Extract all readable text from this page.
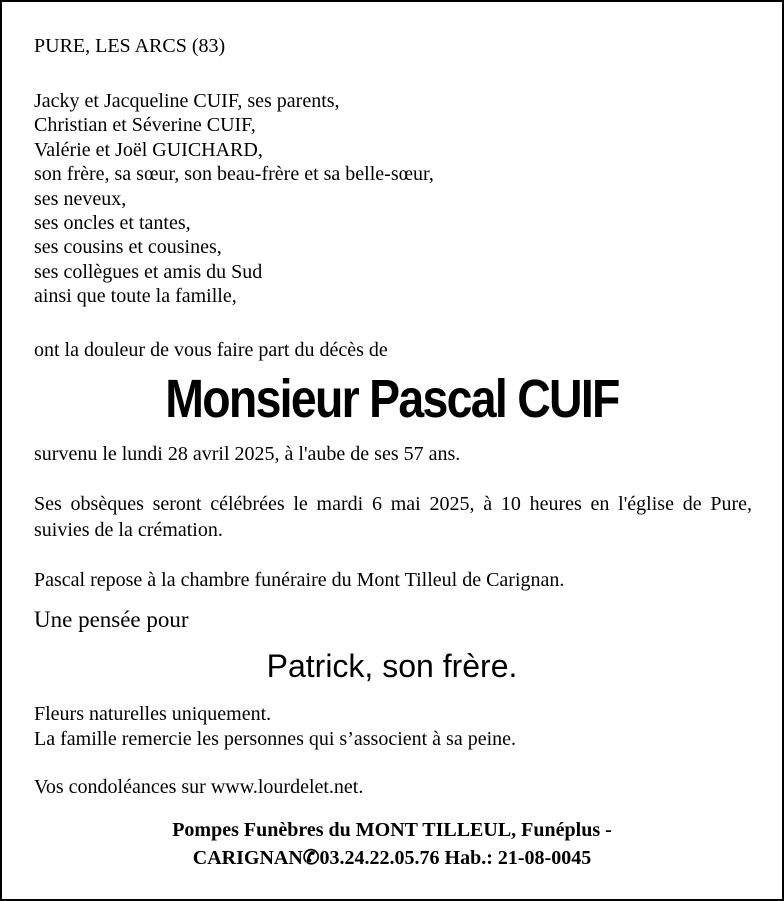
PURE, LES ARCS (83)
Jacky et Jacqueline CUIF, ses parents,
Christian et Séverine CUIF,
Valérie et Joël GUICHARD,
son frère, sa sœur, son beau-frère et sa belle-sœur,
ses neveux,
ses oncles et tantes,
ses cousins et cousines,
ses collègues et amis du Sud
ainsi que toute la famille,
ont la douleur de vous faire part du décès de
Monsieur Pascal CUIF
survenu le lundi 28 avril 2025, à l'aube de ses 57 ans.
Ses obsèques seront célébrées le mardi 6 mai 2025, à 10 heures en l'église de Pure, suivies de la crémation.
Pascal repose à la chambre funéraire du Mont Tilleul de Carignan.
Une pensée pour
Patrick, son frère.
Fleurs naturelles uniquement.
La famille remercie les personnes qui s’associent à sa peine.
Vos condoléances sur www.lourdelet.net.
Pompes Funèbres du MONT TILLEUL, Funéplus -
CARIGNAN✆03.24.22.05.76 Hab.: 21-08-0045
